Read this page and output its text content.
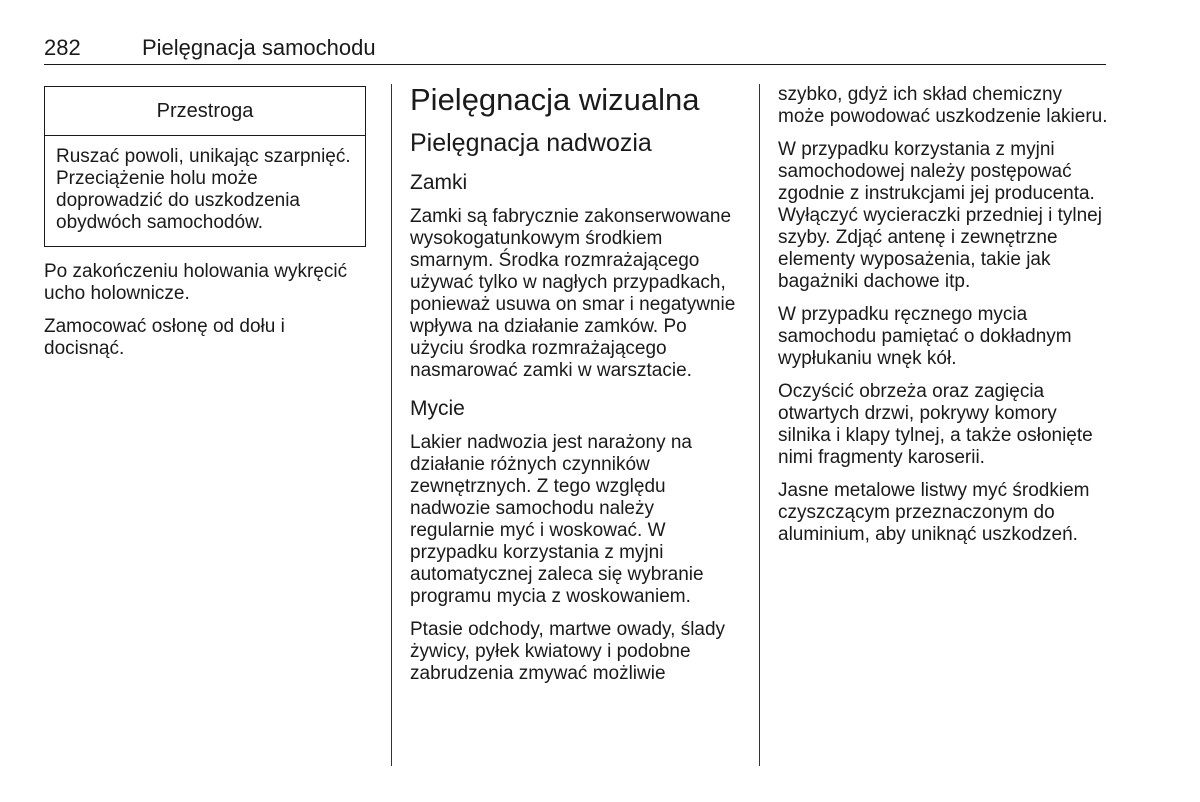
282	Pielęgnacja samochodu
Przestroga
Ruszać powoli, unikając szarpnięć. Przeciążenie holu może doprowadzić do uszkodzenia obydwóch samochodów.

Po zakończeniu holowania wykręcić ucho holownicze.

Zamocować osłonę od dołu i docisnąć.

Pielęgnacja wizualna
Pielęgnacja nadwozia
Zamki

Zamki są fabrycznie zakonserwowane wysokogatunkowym środkiem smarnym. Środka rozmrażającego używać tylko w nagłych przypadkach, ponieważ usuwa on smar i negatywnie wpływa na działanie zamków. Po użyciu środka rozmrażającego nasmarować zamki w warsztacie.

Mycie

Lakier nadwozia jest narażony na działanie różnych czynników zewnętrznych. Z tego względu nadwozie samochodu należy regularnie myć i woskować. W przypadku korzystania z myjni automatycznej zaleca się wybranie programu mycia z woskowaniem.

Ptasie odchody, martwe owady, ślady żywicy, pyłek kwiatowy i podobne zabrudzenia zmywać możliwie

szybko, gdyż ich skład chemiczny może powodować uszkodzenie lakieru.

W przypadku korzystania z myjni samochodowej należy postępować zgodnie z instrukcjami jej producenta. Wyłączyć wycieraczki przedniej i tylnej szyby. Zdjąć antenę i zewnętrzne elementy wyposażenia, takie jak bagażniki dachowe itp.

W przypadku ręcznego mycia samochodu pamiętać o dokładnym wypłukaniu wnęk kół.

Oczyścić obrzeża oraz zagięcia otwartych drzwi, pokrywy komory silnika i klapy tylnej, a także osłonięte nimi fragmenty karoserii.

Jasne metalowe listwy myć środkiem czyszczącym przeznaczonym do aluminium, aby uniknąć uszkodzeń.
